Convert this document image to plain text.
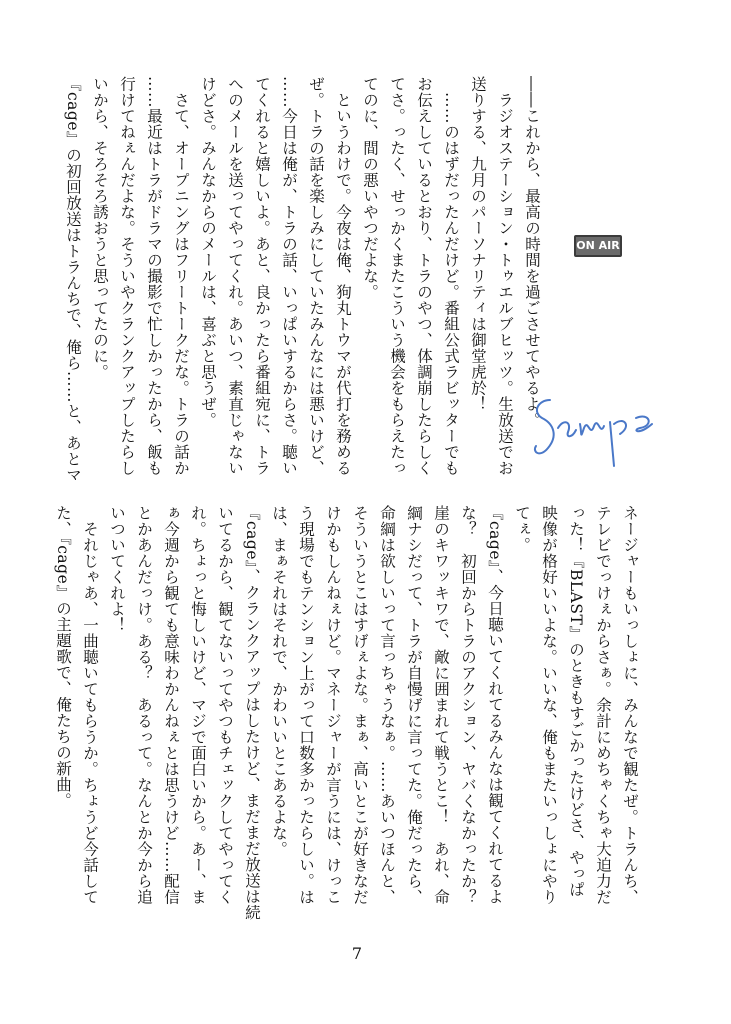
――これから、最高の時間を過ごさせてやるよ。
　ラジオステーション・トゥエルブヒッツ。生放送でお
送りする、九月のパーソナリティは御堂虎於！
　……のはずだったんだけど。番組公式ラビッターでも
お伝えしているとおり、トラのやつ、体調崩したらしく
てさ。ったく、せっかくまたこういう機会をもらえたっ
てのに、間の悪いやつだよな。
　というわけで。今夜は俺、狗丸トウマが代打を務める
ぜ。トラの話を楽しみにしていたみんなには悪いけど、
……今日は俺が、トラの話、いっぱいするからさ。聴い
てくれると嬉しいよ。あと、良かったら番組宛に、トラ
へのメールを送ってやってくれ。あいつ、素直じゃない
けどさ。みんなからのメールは、喜ぶと思うぜ。
　さて、オープニングはフリートークだな。トラの話か
……最近はトラがドラマの撮影で忙しかったから、飯も
行けてねぇんだよな。そういやクランクアップしたらし
いから、そろそろ誘おうと思ってたのに。
『cage』の初回放送はトラんちで、俺ら……と、あとマ	ON AIR
ネージャーもいっしょに、みんなで観たぜ。トラんち、
テレビでっけぇからさぁ。余計にめちゃくちゃ大迫力だ
った！『BLAST』のときもすごかったけどさ、やっぱ
映像が格好いいよな。いいな、俺もまたいっしょにやり
てぇ。
『cage』、今日聴いてくれてるみんなは観てくれてるよ
な？　初回からトラのアクション、ヤバくなかったか？
崖のキワッキワで、敵に囲まれて戦うとこ！　あれ、命
綱ナシだって、トラが自慢げに言ってた。俺だったら、
命綱は欲しいって言っちゃうなぁ。……あいつほんと、
そういうとこはすげぇよな。まぁ、高いとこが好きなだ
けかもしんねぇけど。マネージャーが言うには、けっこ
う現場でもテンション上がって口数多かったらしい。は
は、まぁそれはそれで、かわいいとこあるよな。
『cage』、クランクアップはしたけど、まだまだ放送は続
いてるから、観てないってやつもチェックしてやってく
れ。ちょっと悔しいけど、マジで面白いから。あー、ま
ぁ今週から観ても意味わかんねぇとは思うけど……配信
とかあんだっけ。ある？　あるって。なんとか今から追
いついてくれよ！
　それじゃあ、一曲聴いてもらうか。ちょうど今話して
た、『cage』の主題歌で、俺たちの新曲。
7
